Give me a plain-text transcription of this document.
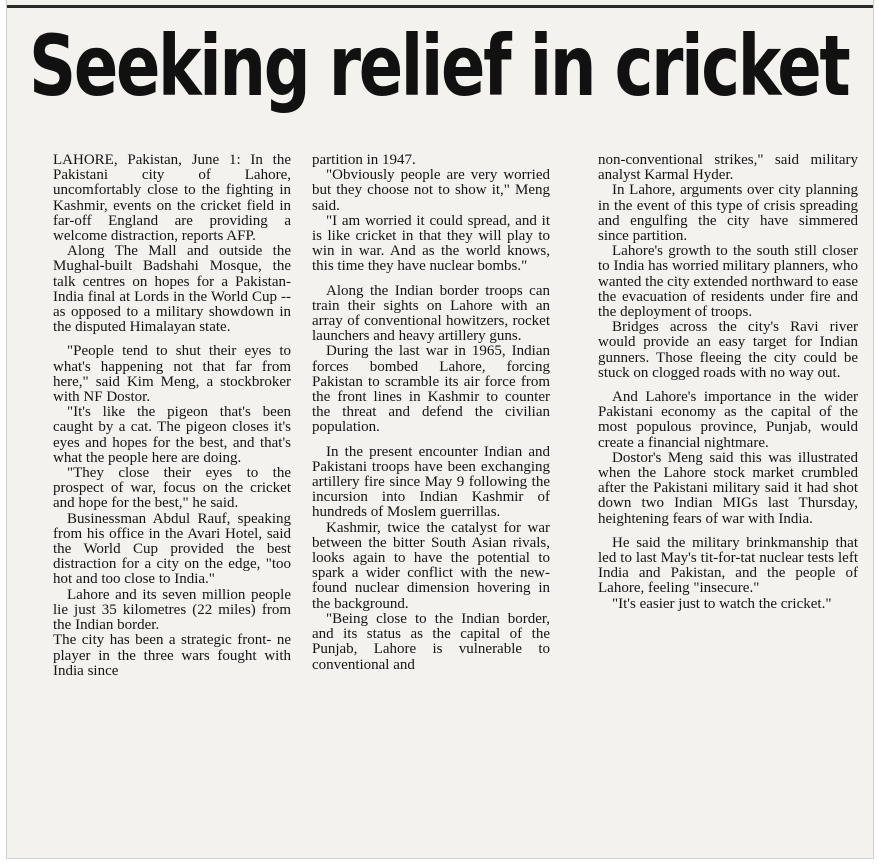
Seeking relief in cricket

LAHORE, Pakistan, June 1: In the Pakistani city of Lahore, uncomfortably close to the fighting in Kashmir, events on the cricket field in far-off England are providing a welcome distraction, reports AFP.

Along The Mall and outside the Mughal-built Badshahi Mosque, the talk centres on hopes for a Pakistan-India final at Lords in the World Cup -- as opposed to a military showdown in the disputed Himalayan state.

"People tend to shut their eyes to what's happening not that far from here," said Kim Meng, a stockbroker with NF Dostor.

"It's like the pigeon that's been caught by a cat. The pigeon closes it's eyes and hopes for the best, and that's what the people here are doing.

"They close their eyes to the prospect of war, focus on the cricket and hope for the best," he said.

Businessman Abdul Rauf, speaking from his office in the Avari Hotel, said the World Cup provided the best distraction for a city on the edge, "too hot and too close to India."

Lahore and its seven million people lie just 35 kilometres (22 miles) from the Indian border.

The city has been a strategic front- ne player in the three wars fought with India since

partition in 1947.

"Obviously people are very worried but they choose not to show it," Meng said.

"I am worried it could spread, and it is like cricket in that they will play to win in war. And as the world knows, this time they have nuclear bombs."

Along the Indian border troops can train their sights on Lahore with an array of conventional howitzers, rocket launchers and heavy artillery guns.

During the last war in 1965, Indian forces bombed Lahore, forcing Pakistan to scramble its air force from the front lines in Kashmir to counter the threat and defend the civilian population.

In the present encounter Indian and Pakistani troops have been exchanging artillery fire since May 9 following the incursion into Indian Kashmir of hundreds of Moslem guerrillas.

Kashmir, twice the catalyst for war between the bitter South Asian rivals, looks again to have the potential to spark a wider conflict with the new-found nuclear dimension hovering in the background.

"Being close to the Indian border, and its status as the capital of the Punjab, Lahore is vulnerable to conventional and

non-conventional strikes," said military analyst Karmal Hyder.

In Lahore, arguments over city planning in the event of this type of crisis spreading and engulfing the city have simmered since partition.

Lahore's growth to the south still closer to India has worried military planners, who wanted the city extended northward to ease the evacuation of residents under fire and the deployment of troops.

Bridges across the city's Ravi river would provide an easy target for Indian gunners. Those fleeing the city could be stuck on clogged roads with no way out.

And Lahore's importance in the wider Pakistani economy as the capital of the most populous province, Punjab, would create a financial nightmare.

Dostor's Meng said this was illustrated when the Lahore stock market crumbled after the Pakistani military said it had shot down two Indian MIGs last Thursday, heightening fears of war with India.

He said the military brinkmanship that led to last May's tit-for-tat nuclear tests left India and Pakistan, and the people of Lahore, feeling "insecure."

"It's easier just to watch the cricket."
